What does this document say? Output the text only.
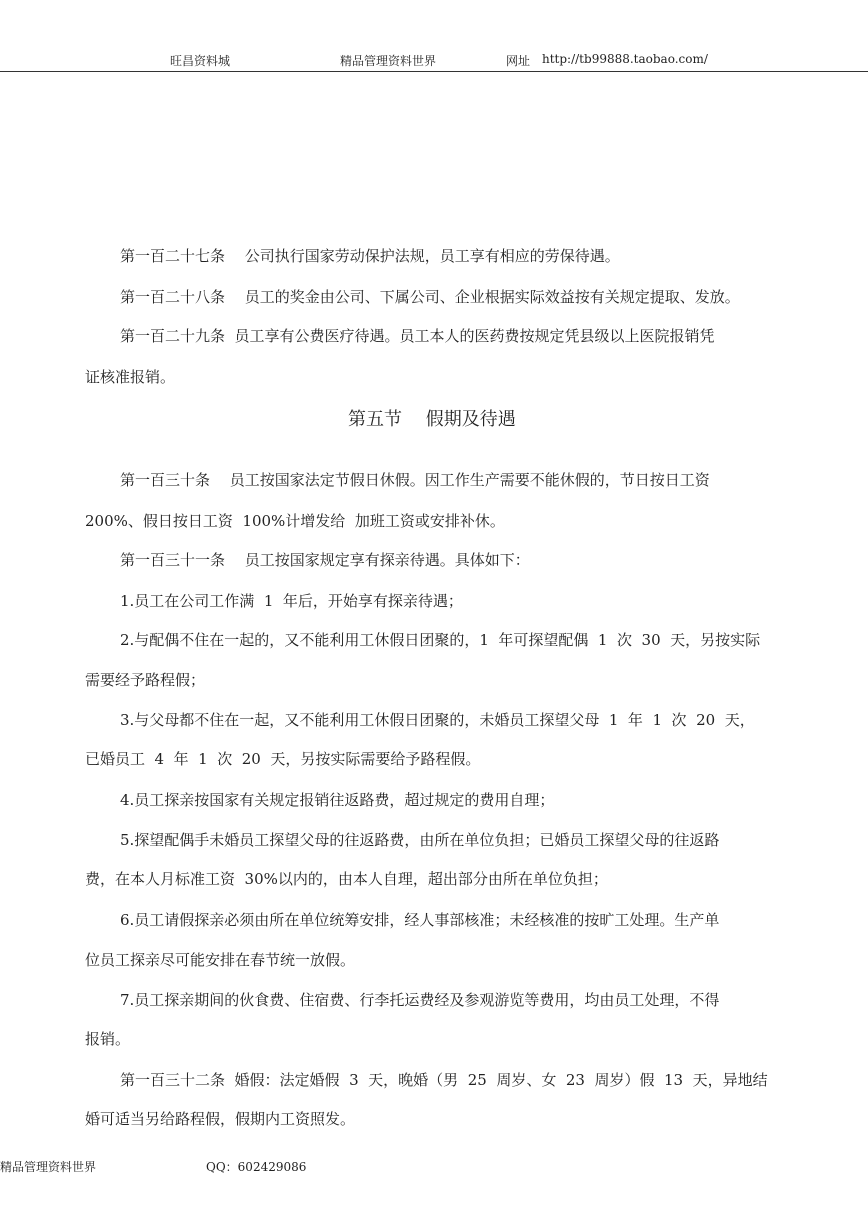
旺昌资料城	精品管理资料世界	网址 http://tb99888.taobao.com/
第一百二十七条　 公司执行国家劳动保护法规，员工享有相应的劳保待遇。
第一百二十八条　 员工的奖金由公司、下属公司、企业根据实际效益按有关规定提取、发放。
第一百二十九条  员工享有公费医疗待遇。员工本人的医药费按规定凭县级以上医院报销凭
证核准报销。
第五节　 假期及待遇
第一百三十条　 员工按国家法定节假日休假。因工作生产需要不能休假的，节日按日工资
200%、假日按日工资  100%计增发给  加班工资或安排补休。
第一百三十一条　 员工按国家规定享有探亲待遇。具体如下：
1.员工在公司工作满  1  年后，开始享有探亲待遇；
2.与配偶不住在一起的，又不能利用工休假日团聚的，1  年可探望配偶  1  次  30  天，另按实际
需要经予路程假；
3.与父母都不住在一起，又不能利用工休假日团聚的，未婚员工探望父母  1  年  1  次  20  天，
已婚员工  4  年  1  次  20  天，另按实际需要给予路程假。
4.员工探亲按国家有关规定报销往返路费，超过规定的费用自理；
5.探望配偶手未婚员工探望父母的往返路费，由所在单位负担；已婚员工探望父母的往返路
费，在本人月标准工资  30%以内的，由本人自理，超出部分由所在单位负担；
6.员工请假探亲必须由所在单位统筹安排，经人事部核准；未经核准的按旷工处理。生产单
位员工探亲尽可能安排在春节统一放假。
7.员工探亲期间的伙食费、住宿费、行李托运费经及参观游览等费用，均由员工处理，不得
报销。
第一百三十二条  婚假：法定婚假  3  天，晚婚（男  25  周岁、女  23  周岁）假  13  天，异地结
婚可适当另给路程假，假期内工资照发。
精品管理资料世界	QQ：602429086
